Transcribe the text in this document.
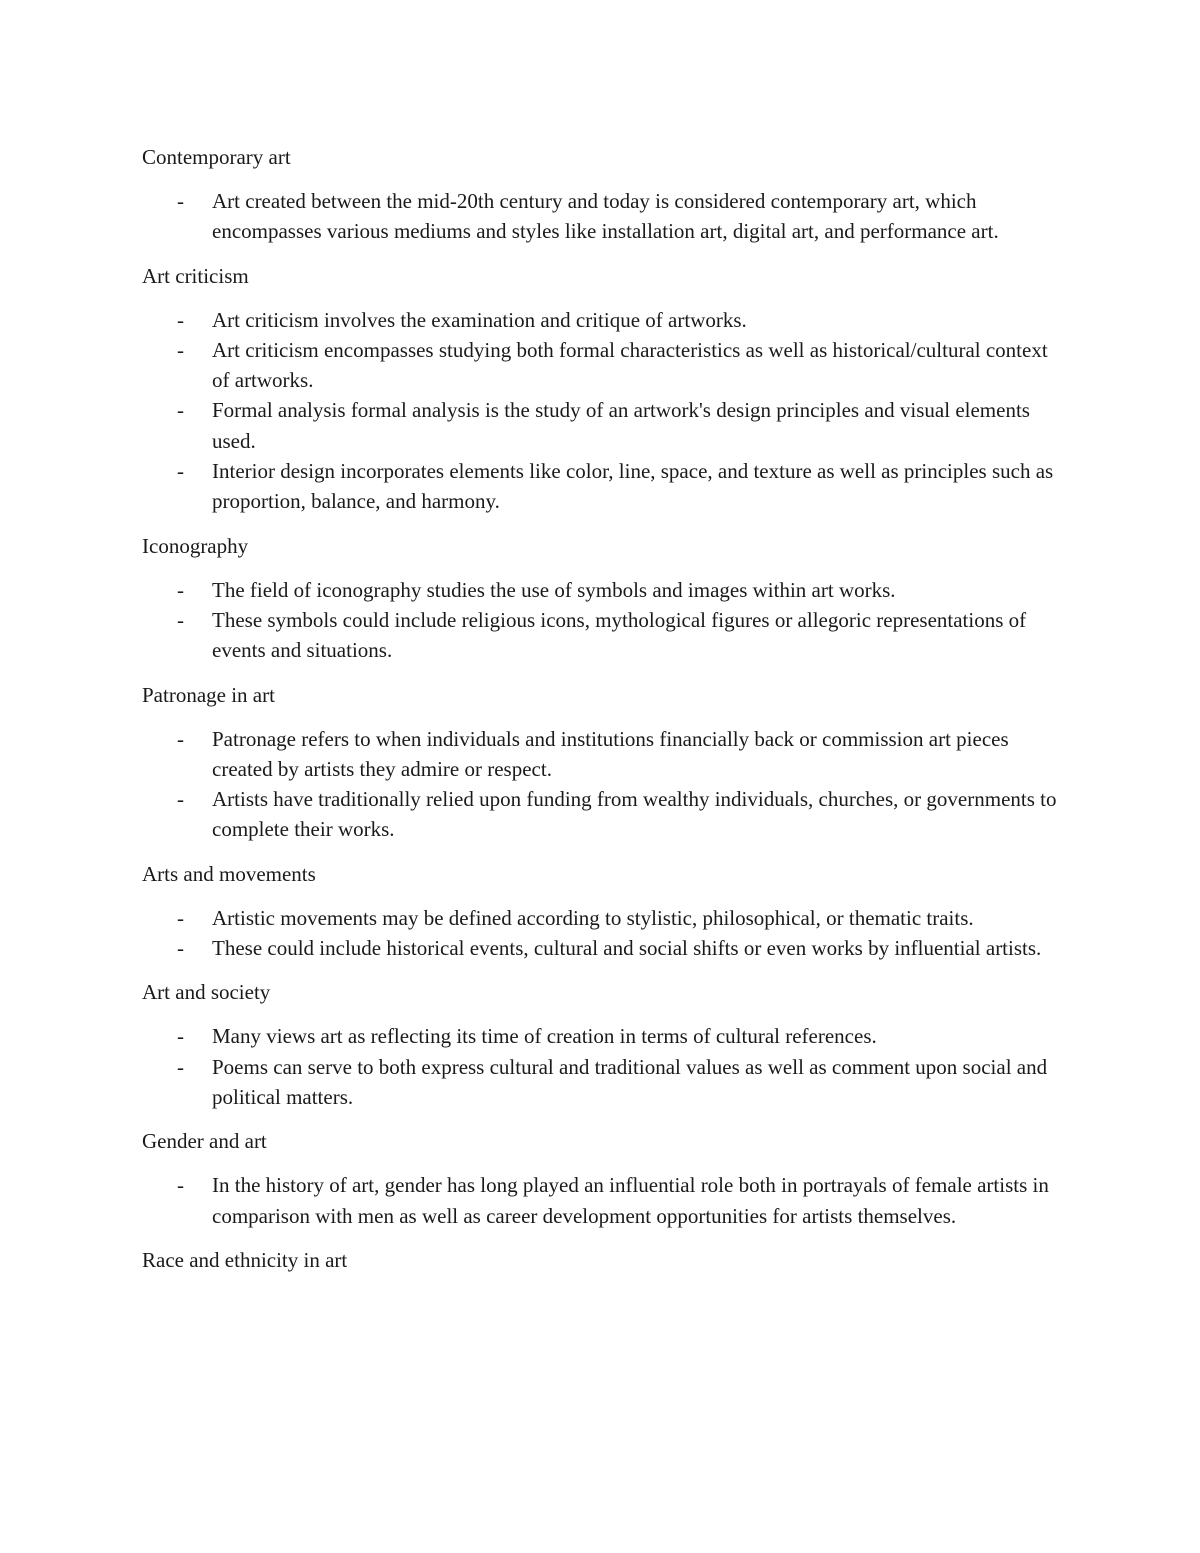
Contemporary art
-	Art created between the mid-20th century and today is considered contemporary art, which encompasses various mediums and styles like installation art, digital art, and performance art.
Art criticism
-	Art criticism involves the examination and critique of artworks.
-	Art criticism encompasses studying both formal characteristics as well as historical/cultural context of artworks.
-	Formal analysis formal analysis is the study of an artwork's design principles and visual elements used.
-	Interior design incorporates elements like color, line, space, and texture as well as principles such as proportion, balance, and harmony.
Iconography
-	The field of iconography studies the use of symbols and images within art works.
-	These symbols could include religious icons, mythological figures or allegoric representations of events and situations.
Patronage in art
-	Patronage refers to when individuals and institutions financially back or commission art pieces created by artists they admire or respect.
-	Artists have traditionally relied upon funding from wealthy individuals, churches, or governments to complete their works.
Arts and movements
-	Artistic movements may be defined according to stylistic, philosophical, or thematic traits.
-	These could include historical events, cultural and social shifts or even works by influential artists.
Art and society
-	Many views art as reflecting its time of creation in terms of cultural references.
-	Poems can serve to both express cultural and traditional values as well as comment upon social and political matters.
Gender and art
-	In the history of art, gender has long played an influential role both in portrayals of female artists in comparison with men as well as career development opportunities for artists themselves.
Race and ethnicity in art
